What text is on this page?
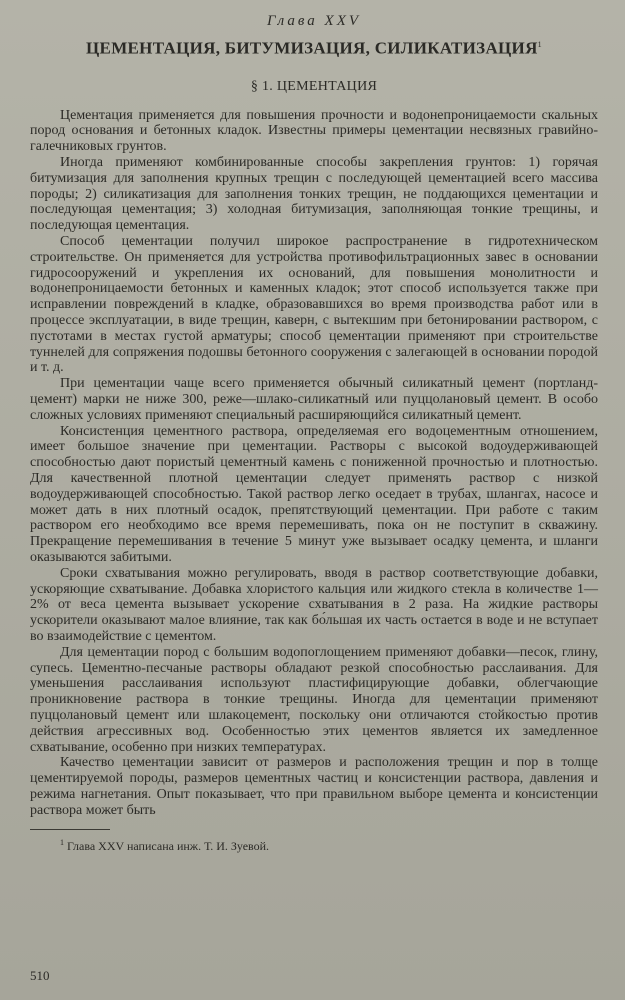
Глава XXV

ЦЕМЕНТАЦИЯ, БИТУМИЗАЦИЯ, СИЛИКАТИЗАЦИЯ$^1$

§ 1. ЦЕМЕНТАЦИЯ

Цементация применяется для повышения прочности и водонепроницаемости скальных пород основания и бетонных кладок. Известны примеры цементации несвязных гравийно-галечниковых грунтов.

Иногда применяют комбинированные способы закрепления грунтов: 1) горячая битумизация для заполнения крупных трещин с последующей цементацией всего массива породы; 2) силикатизация для заполнения тонких трещин, не поддающихся цементации и последующая цементация; 3) холодная битумизация, заполняющая тонкие трещины, и последующая цементация.

Способ цементации получил широкое распространение в гидротехническом строительстве. Он применяется для устройства противофильтрационных завес в основании гидросооружений и укрепления их оснований, для повышения монолитности и водонепроницаемости бетонных и каменных кладок; этот способ используется также при исправлении повреждений в кладке, образовавшихся во время производства работ или в процессе эксплуатации, в виде трещин, каверн, с вытекшим при бетонировании раствором, с пустотами в местах густой арматуры; способ цементации применяют при строительстве туннелей для сопряжения подошвы бетонного сооружения с залегающей в основании породой и т. д.

При цементации чаще всего применяется обычный силикатный цемент (портланд-цемент) марки не ниже 300, реже—шлако-силикатный или пуццолановый цемент. В особо сложных условиях применяют специальный расширяющийся силикатный цемент.

Консистенция цементного раствора, определяемая его водоцементным отношением, имеет большое значение при цементации. Растворы с высокой водоудерживающей способностью дают пористый цементный камень с пониженной прочностью и плотностью. Для качественной плотной цементации следует применять раствор с низкой водоудерживающей способностью. Такой раствор легко оседает в трубах, шлангах, насосе и может дать в них плотный осадок, препятствующий цементации. При работе с таким раствором его необходимо все время перемешивать, пока он не поступит в скважину. Прекращение перемешивания в течение 5 минут уже вызывает осадку цемента, и шланги оказываются забитыми.

Сроки схватывания можно регулировать, вводя в раствор соответствующие добавки, ускоряющие схватывание. Добавка хлористого кальция или жидкого стекла в количестве 1—2% от веса цемента вызывает ускорение схватывания в 2 раза. На жидкие растворы ускорители оказывают малое влияние, так как бо́льшая их часть остается в воде и не вступает во взаимодействие с цементом.

Для цементации пород с большим водопоглощением применяют добавки—песок, глину, супесь. Цементно-песчаные растворы обладают резкой способностью расслаивания. Для уменьшения расслаивания используют пластифицирующие добавки, облегчающие проникновение раствора в тонкие трещины. Иногда для цементации применяют пуццолановый цемент или шлакоцемент, поскольку они отличаются стойкостью против действия агрессивных вод. Особенностью этих цементов является их замедленное схватывание, особенно при низких температурах.

Качество цементации зависит от размеров и расположения трещин и пор в толще цементируемой породы, размеров цементных частиц и консистенции раствора, давления и режима нагнетания. Опыт показывает, что при правильном выборе цемента и консистенции раствора может быть

$^1$ Глава XXV написана инж. Т. И. Зуевой.

510
